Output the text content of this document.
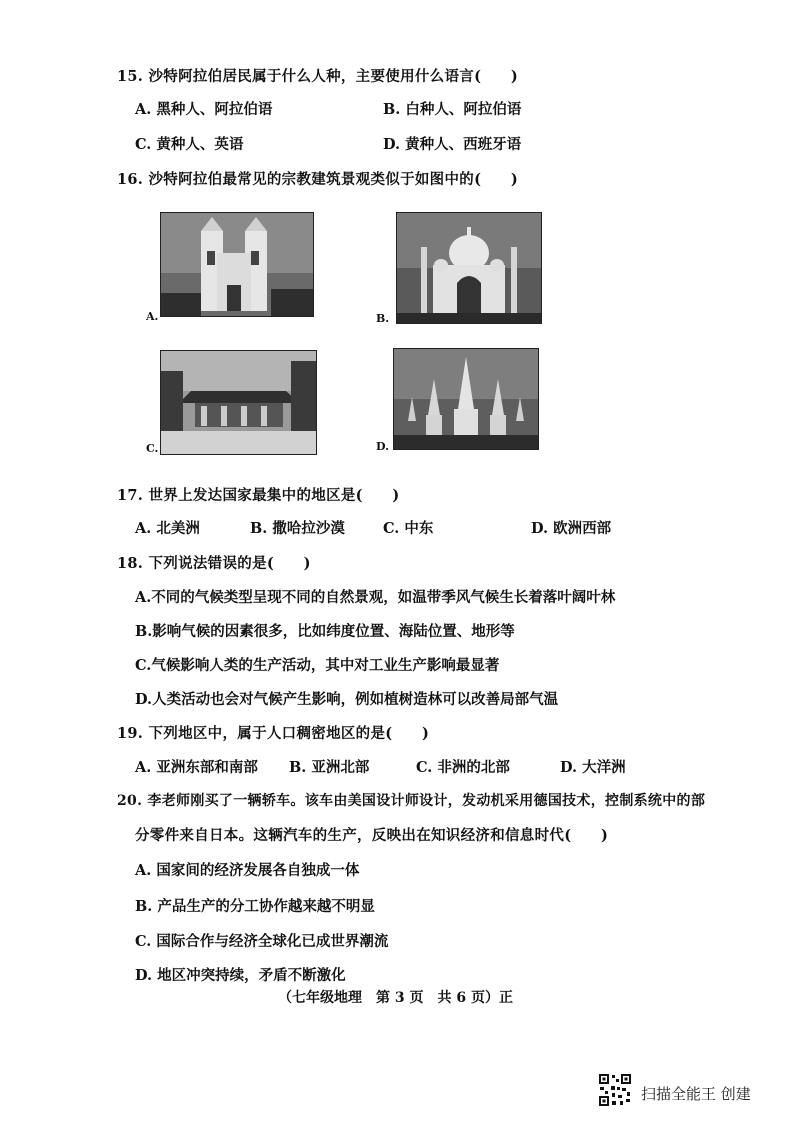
15. 沙特阿拉伯居民属于什么人种，主要使用什么语言(　　)
A. 黑种人、阿拉伯语	B. 白种人、阿拉伯语
C. 黄种人、英语	D. 黄种人、西班牙语
16. 沙特阿拉伯最常见的宗教建筑景观类似于如图中的(　　)
A.	B.
C.	D.
17. 世界上发达国家最集中的地区是(　　)
A. 北美洲	B. 撒哈拉沙漠	C. 中东	D. 欧洲西部
18. 下列说法错误的是(　　)
A.不同的气候类型呈现不同的自然景观，如温带季风气候生长着落叶阔叶林
B.影响气候的因素很多，比如纬度位置、海陆位置、地形等
C.气候影响人类的生产活动，其中对工业生产影响最显著
D.人类活动也会对气候产生影响，例如植树造林可以改善局部气温
19. 下列地区中，属于人口稠密地区的是(　　)
A. 亚洲东部和南部 B. 亚洲北部	C. 非洲的北部	D. 大洋洲
20. 李老师刚买了一辆轿车。该车由美国设计师设计，发动机采用德国技术，控制系统中的部
分零件来自日本。这辆汽车的生产，反映出在知识经济和信息时代(　　)
A. 国家间的经济发展各自独成一体
B. 产品生产的分工协作越来越不明显
C. 国际合作与经济全球化已成世界潮流
D. 地区冲突持续，矛盾不断激化
（七年级地理　第 3 页　共 6 页）正
扫描全能王 创建
